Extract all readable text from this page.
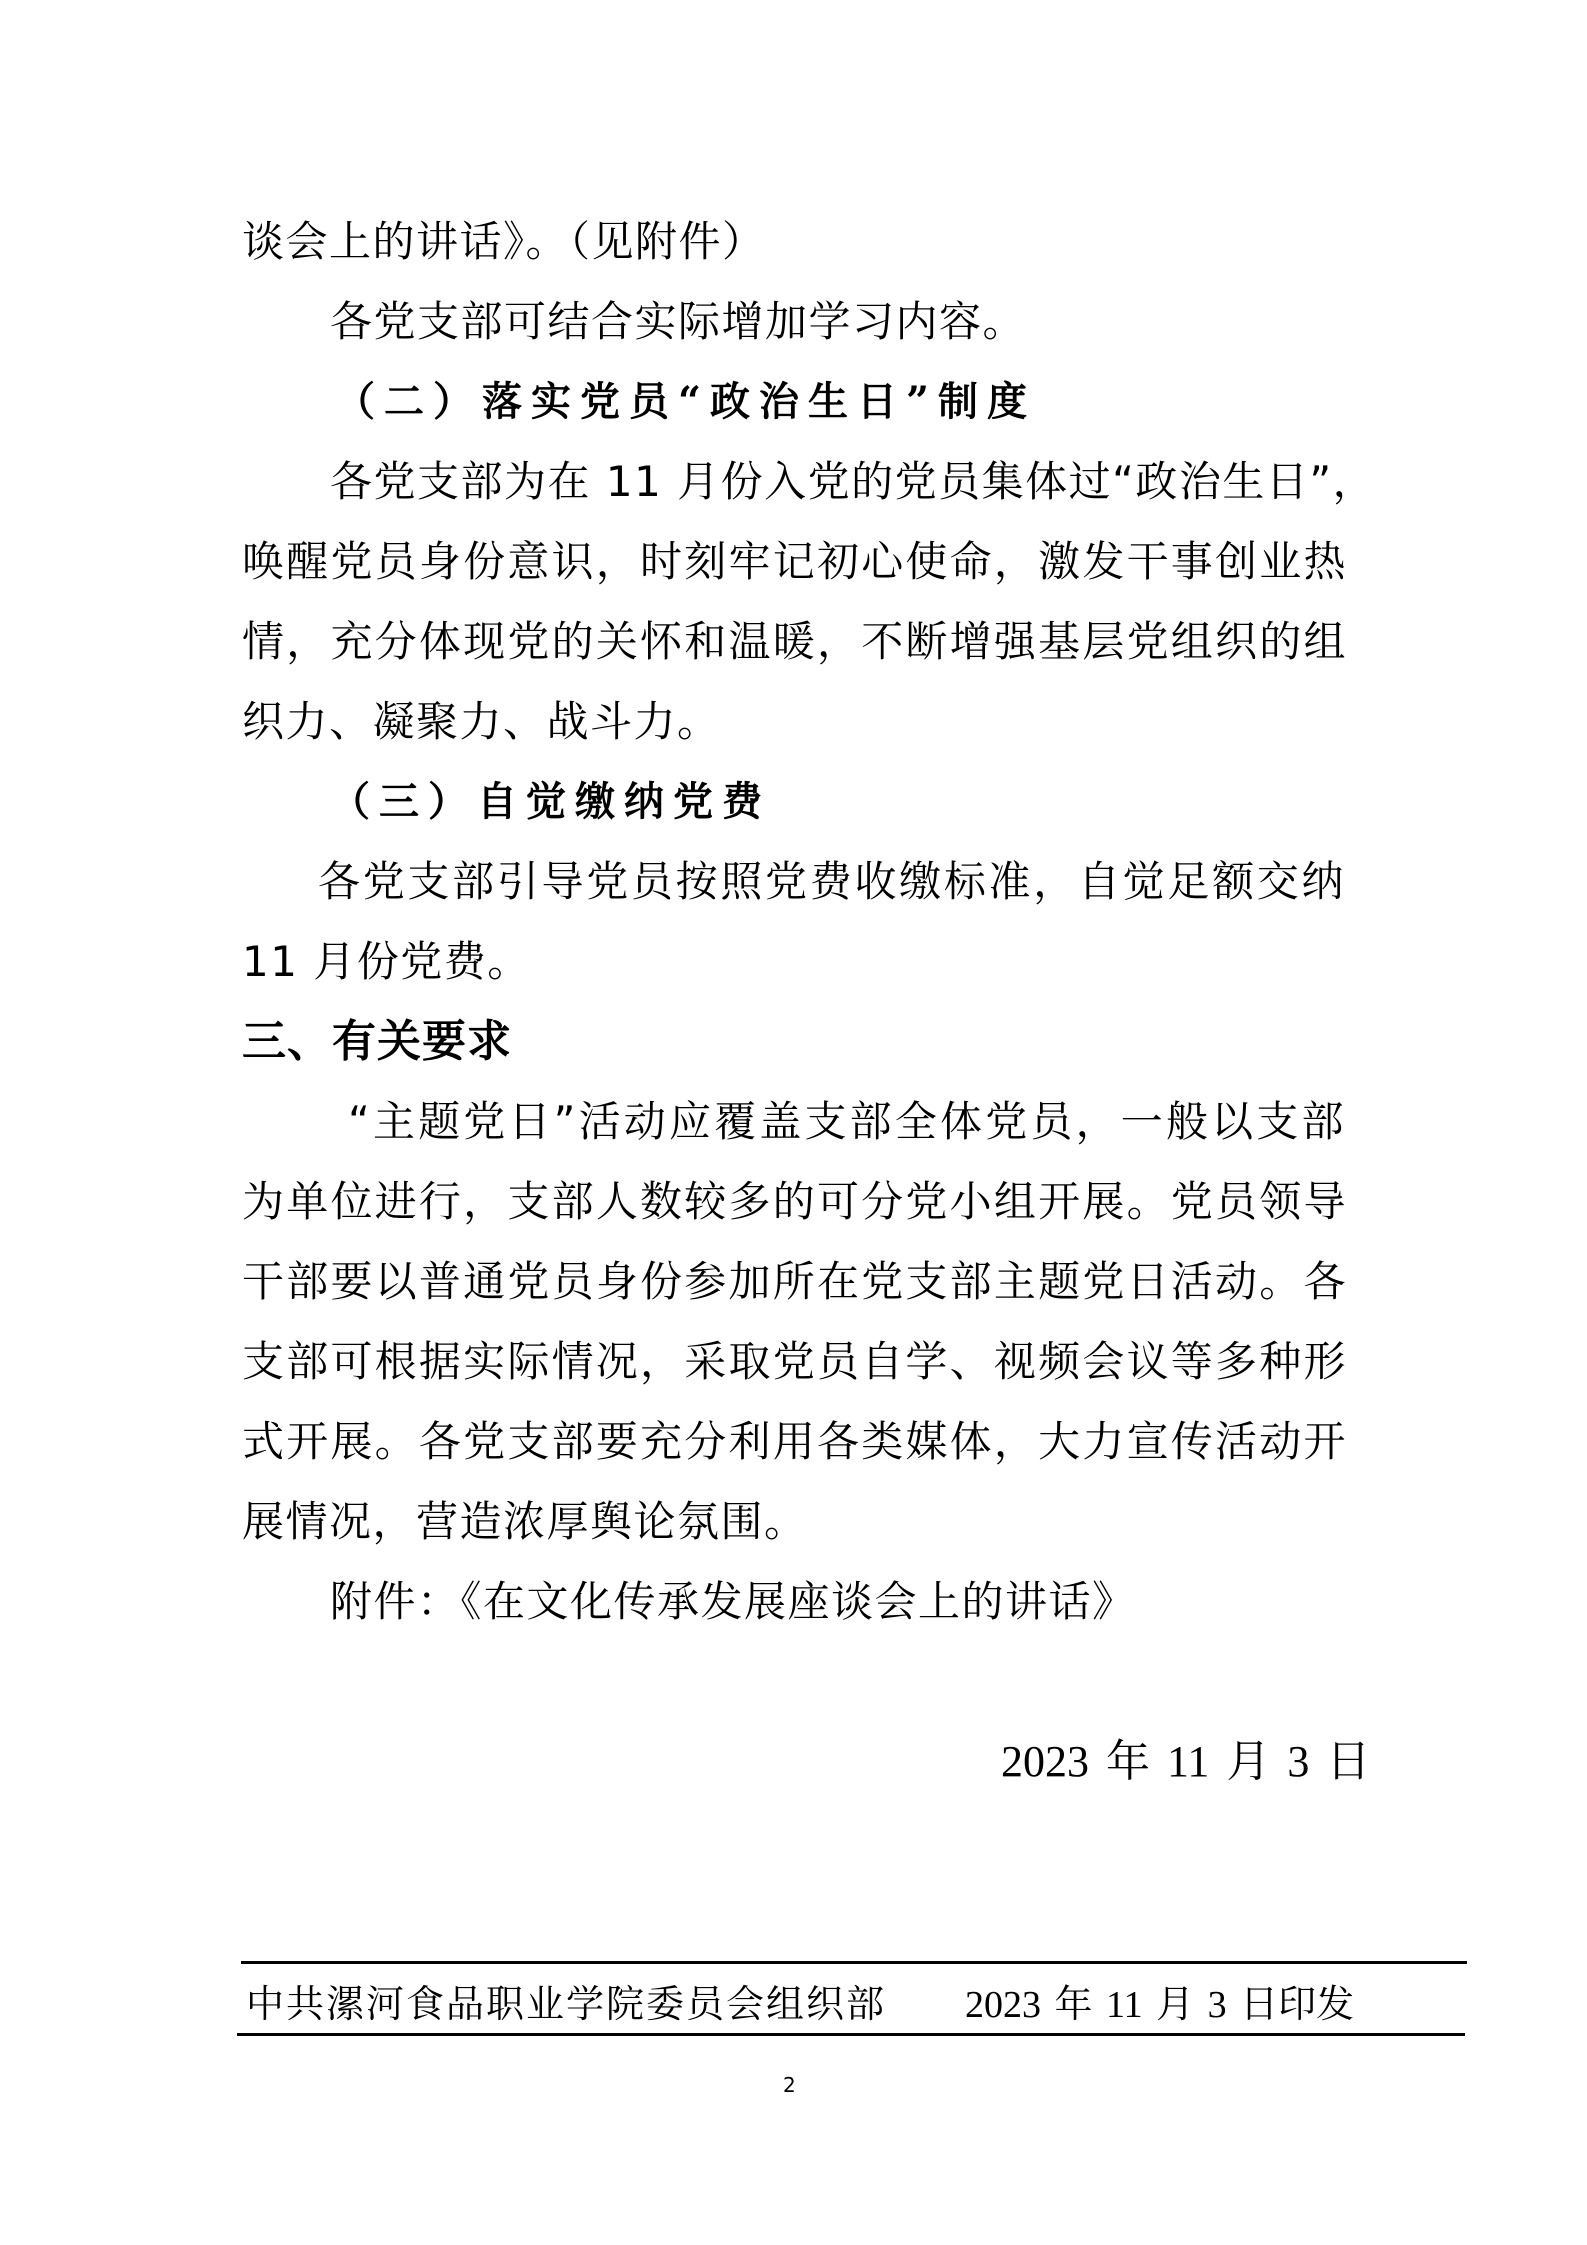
谈会上的讲话》。（见附件）
各党支部可结合实际增加学习内容。
（二）落实党员“政治生日”制度
各党支部为在 11 月份入党的党员集体过“政治生日”，
唤醒党员身份意识，时刻牢记初心使命，激发干事创业热
情，充分体现党的关怀和温暖，不断增强基层党组织的组
织力、凝聚力、战斗力。
（三）自觉缴纳党费
各党支部引导党员按照党费收缴标准，自觉足额交纳
11 月份党费。
三、有关要求
“主题党日”活动应覆盖支部全体党员，一般以支部
为单位进行，支部人数较多的可分党小组开展。党员领导
干部要以普通党员身份参加所在党支部主题党日活动。各
支部可根据实际情况，采取党员自学、视频会议等多种形
式开展。各党支部要充分利用各类媒体，大力宣传活动开
展情况，营造浓厚舆论氛围。
附件：《在文化传承发展座谈会上的讲话》
2023 年 11 月 3 日
中共漯河食品职业学院委员会组织部 2023 年 11 月 3 日印发
2
